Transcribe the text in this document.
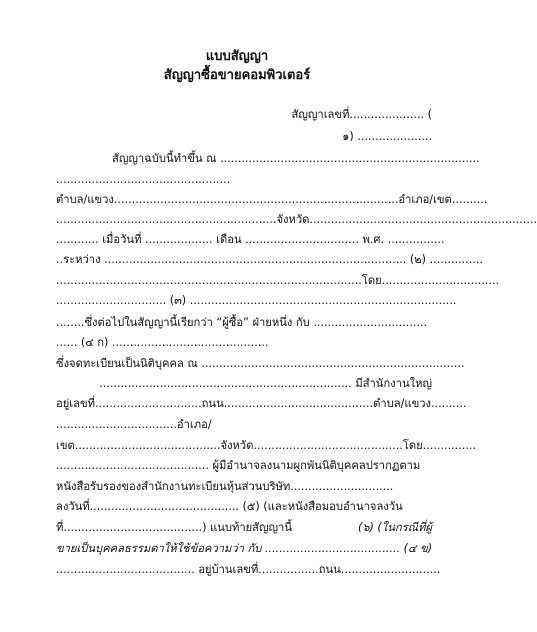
แบบสัญญา
สัญญาซื้อขายคอมพิวเตอร์
สัญญาเลขที่..................... (
๑) .....................
สัญญาฉบับนี้ทำขึ้น ณ .........................................................................
.................................................
ตำบล/แขวง................................................................................อำเภอ/เขต..........
..............................................................จังหวัด................................................................
............ เมื่อวันที่ ................... เดือน ................................ พ.ศ. ................
..ระหว่าง ..................................................................................... (๒) ...............
......................................................................................โดย.................................
............................... (๓) ...........................................................................
........ซึ่งต่อไปในสัญญานี้เรียกว่า “ผู้ซื้อ” ฝ่ายหนึ่ง กับ ................................
...... (๔ ก) ............................................
ซึ่งจดทะเบียนเป็นนิติบุคคล ณ ..........................................................................
....................................................................... มีสำนักงานใหญ่
อยู่เลขที่..............................ถนน..........................................ตำบล/แขวง..........
..................................อำเภอ/
เขต.........................................จังหวัด..........................................โดย...............
........................................... ผู้มีอำนาจลงนามผูกพันนิติบุคคลปรากฏตาม
หนังสือรับรองของสำนักงานทะเบียนหุ้นส่วนบริษัท.............................
ลงวันที่.......................................... (๕) (และหนังสือมอบอำนาจลงวัน
ที่.......................................) แนบท้ายสัญญานี้	(๖) (ในกรณีที่ผู้
ขายเป็นบุคคลธรรมดาให้ใช้ข้อความว่า กับ ...................................... (๔ ข)
....................................... อยู่บ้านเลขที่.................ถนน............................
